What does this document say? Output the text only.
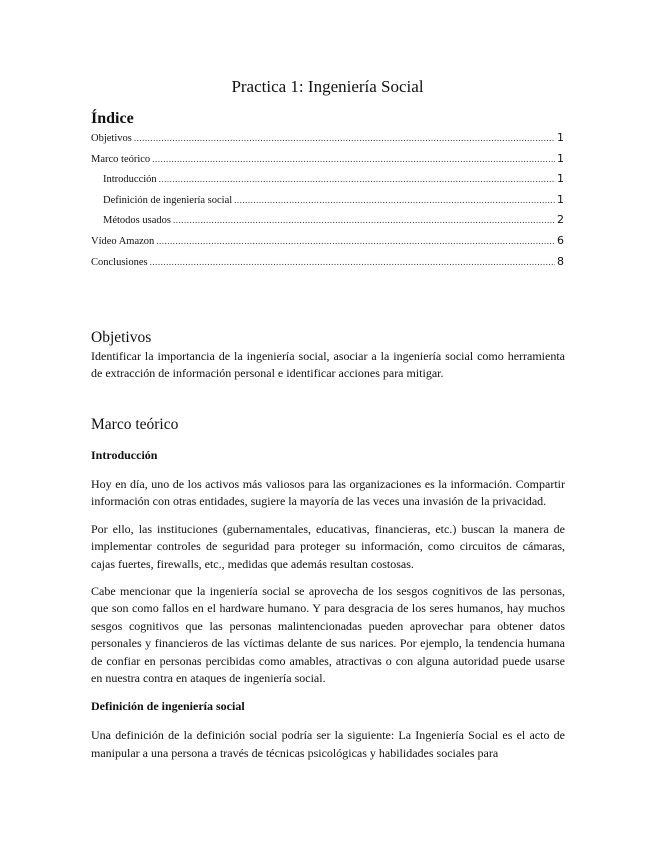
Practica 1: Ingeniería Social
Índice
Objetivos .....	1
Marco teórico .....	1
Introducción .....	1
Definición de ingeniería social .....	1
Métodos usados .....	2
Vídeo Amazon .....	6
Conclusiones .....	8
Objetivos

Identificar la importancia de la ingeniería social, asociar a la ingeniería social como herramienta de extracción de información personal e identificar acciones para mitigar.

Marco teórico
Introducción

Hoy en día, uno de los activos más valiosos para las organizaciones es la información. Compartir información con otras entidades, sugiere la mayoría de las veces una invasión de la privacidad.

Por ello, las instituciones (gubernamentales, educativas, financieras, etc.) buscan la manera de implementar controles de seguridad para proteger su información, como circuitos de cámaras, cajas fuertes, firewalls, etc., medidas que además resultan costosas.

Cabe mencionar que la ingeniería social se aprovecha de los sesgos cognitivos de las personas, que son como fallos en el hardware humano. Y para desgracia de los seres humanos, hay muchos sesgos cognitivos que las personas malintencionadas pueden aprovechar para obtener datos personales y financieros de las víctimas delante de sus narices. Por ejemplo, la tendencia humana de confiar en personas percibidas como amables, atractivas o con alguna autoridad puede usarse en nuestra contra en ataques de ingeniería social.

Definición de ingeniería social

Una definición de la definición social podría ser la siguiente: La Ingeniería Social es el acto de manipular a una persona a través de técnicas psicológicas y habilidades sociales para
